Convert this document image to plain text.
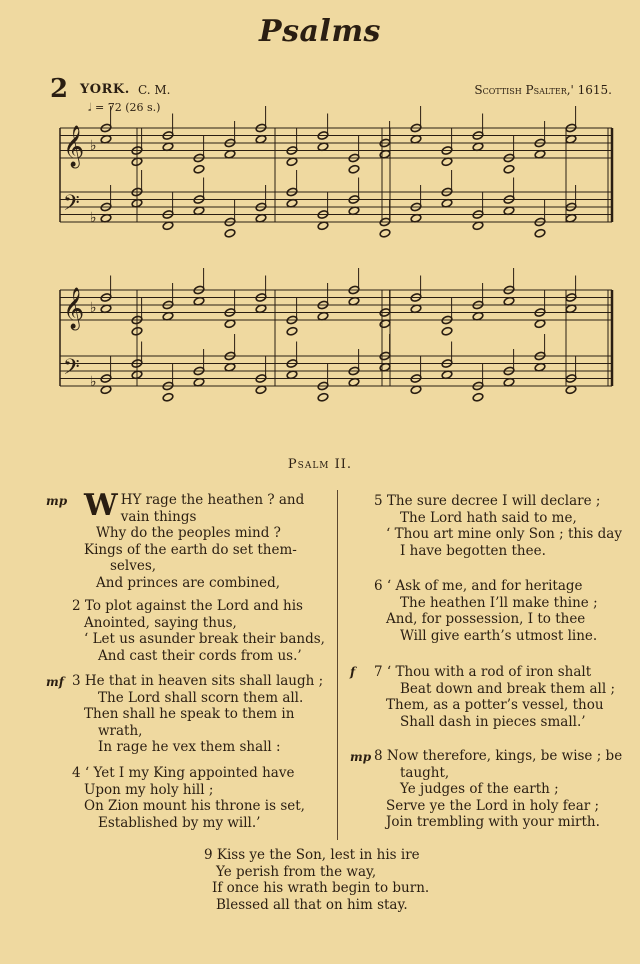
Psalms
2 YORK. C. M.	Scottish Psalter,' 1615.
𝅗𝅥 = 72 (26 s.)
𝄞 ♭
𝄢 ♭
𝄞 ♭
𝄢 ♭
Psalm II.
mp W HY rage the heathen ? and
vain things
Why do the peoples mind ?
Kings of the earth do set them-
selves,
And princes are combined,
2 To plot against the Lord and his
Anointed, saying thus,
‘ Let us asunder break their bands,
And cast their cords from us.’
mf 3 He that in heaven sits shall laugh ;
The Lord shall scorn them all.
Then shall he speak to them in
wrath,
In rage he vex them shall :
4 ‘ Yet I my King appointed have
Upon my holy hill ;
On Zion mount his throne is set,
Established by my will.’
5 The sure decree I will declare ;
The Lord hath said to me,
‘ Thou art mine only Son ; this day
I have begotten thee.
6 ‘ Ask of me, and for heritage
The heathen I’ll make thine ;
And, for possession, I to thee
Will give earth’s utmost line.
f 7 ‘ Thou with a rod of iron shalt
Beat down and break them all ;
Them, as a potter’s vessel, thou
Shall dash in pieces small.’
mp 8 Now therefore, kings, be wise ; be
taught,
Ye judges of the earth ;
Serve ye the Lord in holy fear ;
Join trembling with your mirth.
9 Kiss ye the Son, lest in his ire
Ye perish from the way,
If once his wrath begin to burn.
Blessed all that on him stay.
